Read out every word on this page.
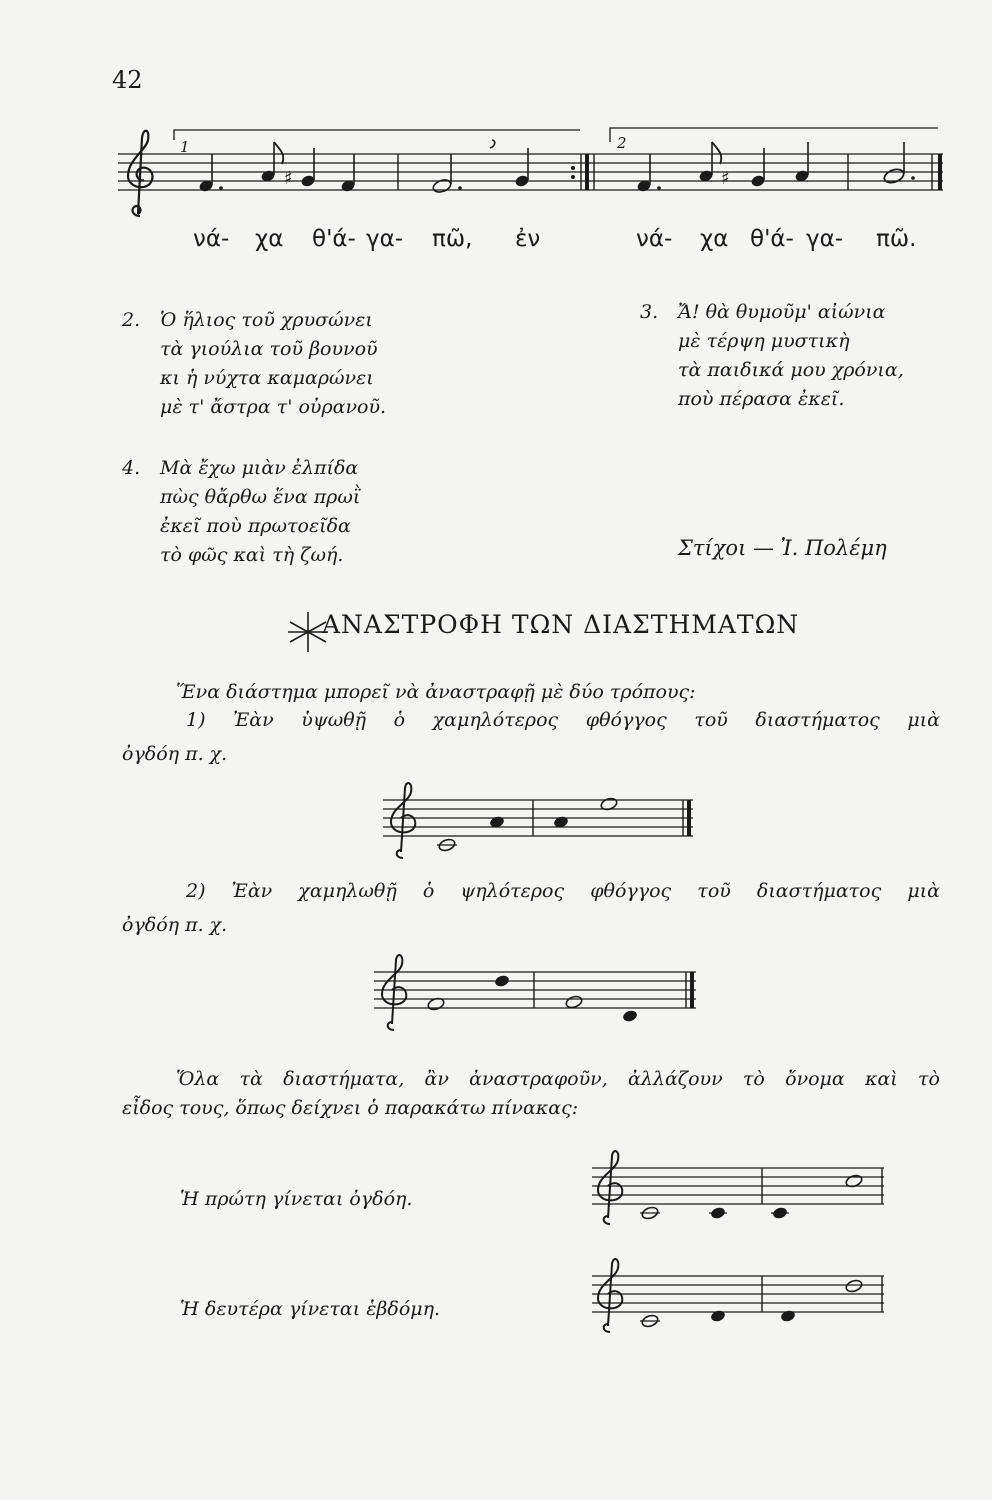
42
♯	♯
1	2
νά- χα θ'ά- γα- πῶ, ἐν	νά- χα θ'ά- γα- πῶ.
2. Ὁ ἥλιος τοῦ χρυσώνει
τὰ γιούλια τοῦ βουνοῦ
κι ἡ νύχτα καμαρώνει
μὲ τ' ἄστρα τ' οὐρανοῦ.
3. Ἄ! θὰ θυμοῦμ' αἰώνια
μὲ τέρψη μυστικὴ
τὰ παιδικά μου χρόνια,
ποὺ πέρασα ἐκεῖ.
4. Μὰ ἔχω μιὰν ἐλπίδα
πὼς θἄρθω ἕνα πρωῒ
ἐκεῖ ποὺ πρωτοεῖδα
τὸ φῶς καὶ τὴ ζωή.	Στίχοι — Ἰ. Πολέμη
ΑΝΑΣΤΡΟΦΗ ΤΩΝ ΔΙΑΣΤΗΜΑΤΩΝ
Ἕνα διάστημα μπορεῖ νὰ ἀναστραφῇ μὲ δύο τρόπους:
1) Ἐὰν ὑψωθῇ ὁ χαμηλότερος φθόγγος τοῦ διαστήματος μιὰ
ὀγδόη π. χ.
2) Ἐὰν χαμηλωθῇ ὁ ψηλότερος φθόγγος τοῦ διαστήματος μιὰ
ὀγδόη π. χ.
Ὅλα τὰ διαστήματα, ἂν ἀναστραφοῦν, ἀλλάζουν τὸ ὄνομα καὶ τὸ
εἶδος τους, ὅπως δείχνει ὁ παρακάτω πίνακας:
Ἡ πρώτη γίνεται ὀγδόη.
Ἡ δευτέρα γίνεται ἑβδόμη.
